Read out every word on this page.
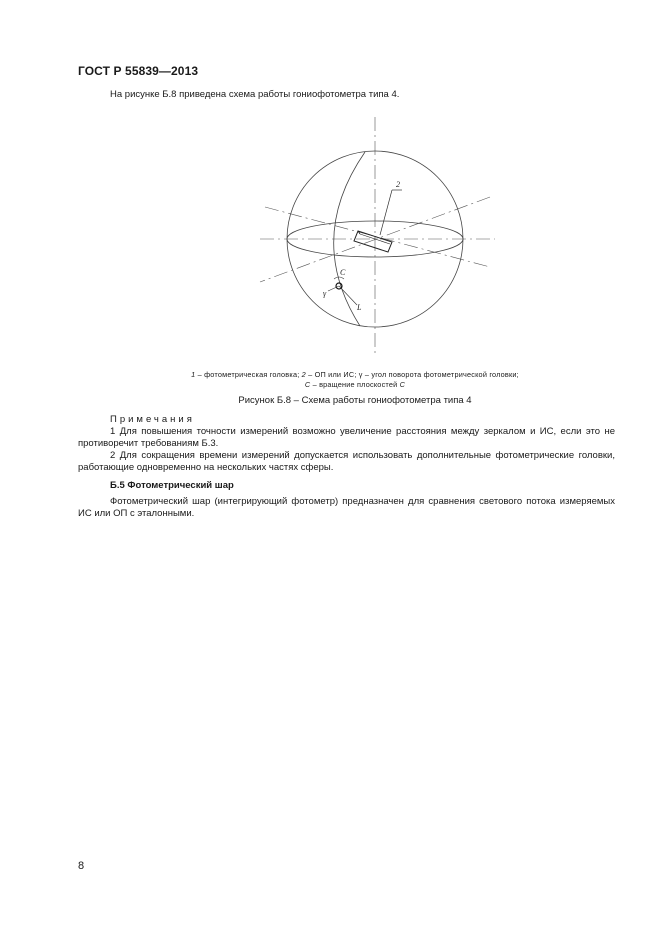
ГОСТ Р 55839—2013
На рисунке Б.8 приведена схема работы гониофотометра типа 4.
2
C
γ
L
1 – фотометрическая головка; 2 – ОП или ИС; γ – угол поворота фотометрической головки;
С – вращение плоскостей С
Рисунок Б.8 – Схема работы гониофотометра типа 4
Примечания
1 Для повышения точности измерений возможно увеличение расстояния между зеркалом и ИС, если это не противоречит требованиям Б.3.
2 Для сокращения времени измерений допускается использовать дополнительные фотометрические головки, работающие одновременно на нескольких частях сферы.
Б.5 Фотометрический шар
Фотометрический шар (интегрирующий фотометр) предназначен для сравнения светового потока измеряемых ИС или ОП с эталонными.
8
